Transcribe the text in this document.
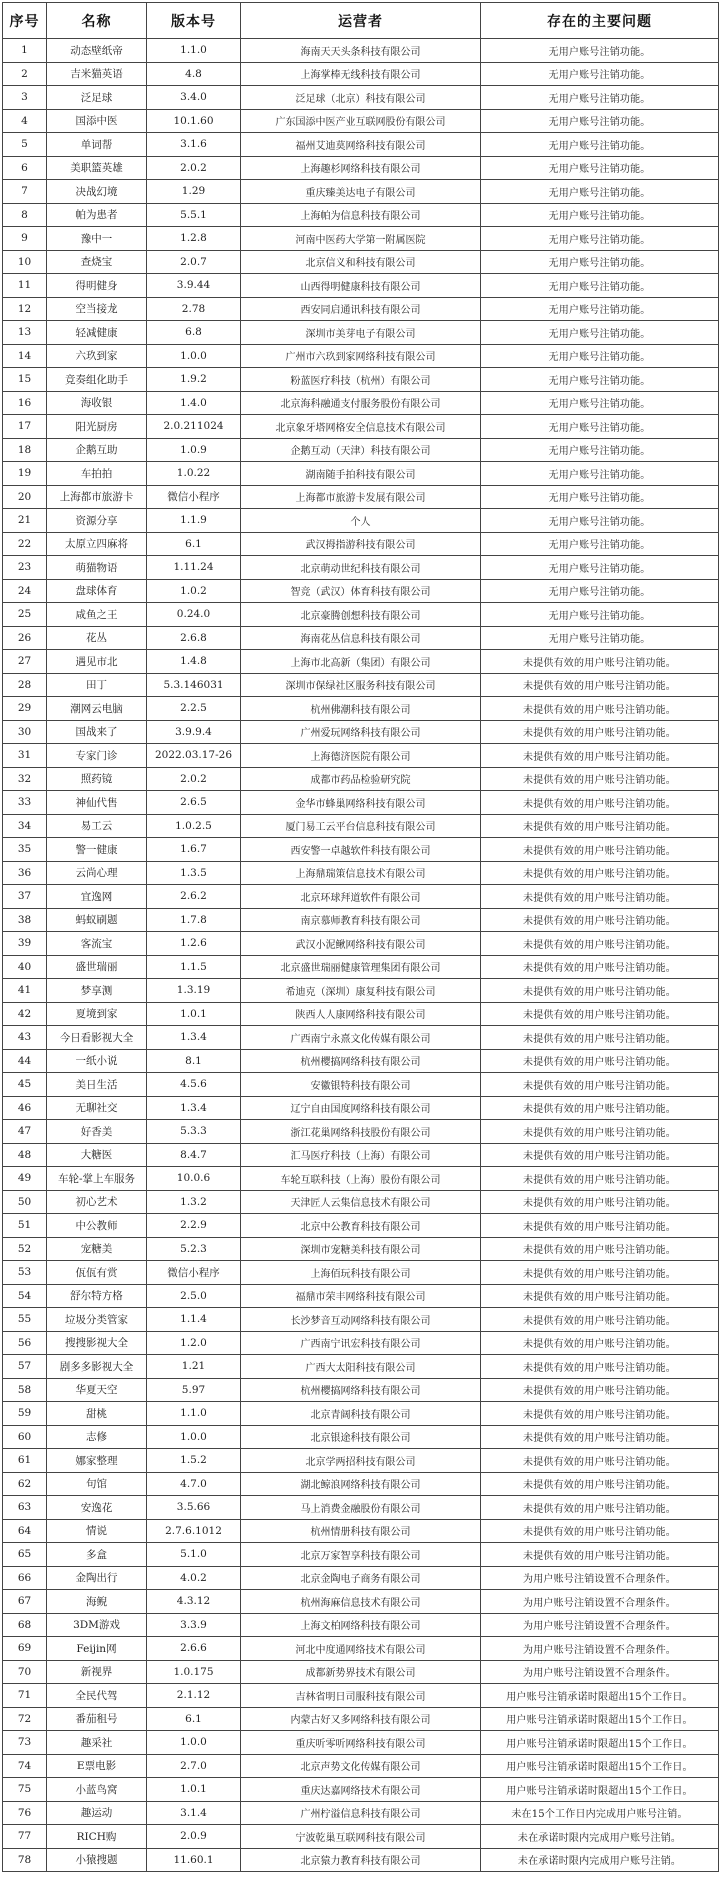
序号	名称	版本号	运营者	存在的主要问题
1	动态壁纸帝	1.1.0	海南天天头条科技有限公司	无用户账号注销功能。
2	吉米猫英语	4.8	上海掌棒无线科技有限公司	无用户账号注销功能。
3	泛足球	3.4.0	泛足球（北京）科技有限公司	无用户账号注销功能。
4	国添中医	10.1.60	广东国添中医产业互联网股份有限公司	无用户账号注销功能。
5	单词帮	3.1.6	福州艾迪莫网络科技有限公司	无用户账号注销功能。
6	美职篮英雄	2.0.2	上海趣杉网络科技有限公司	无用户账号注销功能。
7	决战幻境	1.29	重庆臻美达电子有限公司	无用户账号注销功能。
8	帕为患者	5.5.1	上海帕为信息科技有限公司	无用户账号注销功能。
9	豫中一	1.2.8	河南中医药大学第一附属医院	无用户账号注销功能。
10	查烧宝	2.0.7	北京信义和科技有限公司	无用户账号注销功能。
11	得明健身	3.9.44	山西得明健康科技有限公司	无用户账号注销功能。
12	空当接龙	2.78	西安同启通讯科技有限公司	无用户账号注销功能。
13	轻减健康	6.8	深圳市美芽电子有限公司	无用户账号注销功能。
14	六玖到家	1.0.0	广州市六玖到家网络科技有限公司	无用户账号注销功能。
15	竞奏组化助手	1.9.2	粉蓝医疗科技（杭州）有限公司	无用户账号注销功能。
16	海收银	1.4.0	北京海科融通支付服务股份有限公司	无用户账号注销功能。
17	阳光厨房	2.0.211024	北京象牙塔网格安全信息技术有限公司	无用户账号注销功能。
18	企鹅互助	1.0.9	企鹅互动（天津）科技有限公司	无用户账号注销功能。
19	车拍拍	1.0.22	湖南随手拍科技有限公司	无用户账号注销功能。
20	上海都市旅游卡	微信小程序	上海都市旅游卡发展有限公司	无用户账号注销功能。
21	资源分享	1.1.9	个人	无用户账号注销功能。
22	太原立四麻将	6.1	武汉拇指游科技有限公司	无用户账号注销功能。
23	萌猫物语	1.11.24	北京萌动世纪科技有限公司	无用户账号注销功能。
24	盘球体育	1.0.2	智竞（武汉）体育科技有限公司	无用户账号注销功能。
25	咸鱼之王	0.24.0	北京豪腾创想科技有限公司	无用户账号注销功能。
26	花丛	2.6.8	海南花丛信息科技有限公司	无用户账号注销功能。
27	遇见市北	1.4.8	上海市北高新（集团）有限公司	未提供有效的用户账号注销功能。
28	田丁	5.3.146031	深圳市保绿社区服务科技有限公司	未提供有效的用户账号注销功能。
29	潮网云电脑	2.2.5	杭州佛潮科技有限公司	未提供有效的用户账号注销功能。
30	国战来了	3.9.9.4	广州爱玩网络科技有限公司	未提供有效的用户账号注销功能。
31	专家门诊	2022.03.17-26	上海德济医院有限公司	未提供有效的用户账号注销功能。
32	照药镜	2.0.2	成都市药品检验研究院	未提供有效的用户账号注销功能。
33	神仙代售	2.6.5	金华市蜂巢网络科技有限公司	未提供有效的用户账号注销功能。
34	易工云	1.0.2.5	厦门易工云平台信息科技有限公司	未提供有效的用户账号注销功能。
35	警一健康	1.6.7	西安警一卓越软件科技有限公司	未提供有效的用户账号注销功能。
36	云尚心理	1.3.5	上海鼎瑞策信息技术有限公司	未提供有效的用户账号注销功能。
37	宜逸网	2.6.2	北京环球拜道软件有限公司	未提供有效的用户账号注销功能。
38	蚂蚁刷题	1.7.8	南京慕师教育科技有限公司	未提供有效的用户账号注销功能。
39	客流宝	1.2.6	武汉小泥鳅网络科技有限公司	未提供有效的用户账号注销功能。
40	盛世瑞丽	1.1.5	北京盛世瑞丽健康管理集团有限公司	未提供有效的用户账号注销功能。
41	梦享测	1.3.19	希迪克（深圳）康复科技有限公司	未提供有效的用户账号注销功能。
42	夏境到家	1.0.1	陕西人人康网络科技有限公司	未提供有效的用户账号注销功能。
43	今日看影视大全	1.3.4	广西南宁永熹文化传媒有限公司	未提供有效的用户账号注销功能。
44	一纸小说	8.1	杭州樱搞网络科技有限公司	未提供有效的用户账号注销功能。
45	美日生活	4.5.6	安徽银特科技有限公司	未提供有效的用户账号注销功能。
46	无聊社交	1.3.4	辽宁自由国度网络科技有限公司	未提供有效的用户账号注销功能。
47	好香美	5.3.3	浙江花巢网络科技股份有限公司	未提供有效的用户账号注销功能。
48	大糖医	8.4.7	汇马医疗科技（上海）有限公司	未提供有效的用户账号注销功能。
49	车轮-掌上车服务	10.0.6	车轮互联科技（上海）股份有限公司	未提供有效的用户账号注销功能。
50	初心艺术	1.3.2	天津匠人云集信息技术有限公司	未提供有效的用户账号注销功能。
51	中公教师	2.2.9	北京中公教育科技有限公司	未提供有效的用户账号注销功能。
52	宠糖美	5.2.3	深圳市宠糖美科技有限公司	未提供有效的用户账号注销功能。
53	佤佤有赏	微信小程序	上海佰玩科技有限公司	未提供有效的用户账号注销功能。
54	舒尔特方格	2.5.0	福鼎市荣丰网络科技有限公司	未提供有效的用户账号注销功能。
55	垃圾分类管家	1.1.4	长沙梦音互动网络科技有限公司	未提供有效的用户账号注销功能。
56	搜搜影视大全	1.2.0	广西南宁讯宏科技有限公司	未提供有效的用户账号注销功能。
57	剧多多影视大全	1.21	广西大太阳科技有限公司	未提供有效的用户账号注销功能。
58	华夏天空	5.97	杭州樱搞网络科技有限公司	未提供有效的用户账号注销功能。
59	甜桃	1.1.0	北京青阔科技有限公司	未提供有效的用户账号注销功能。
60	志修	1.0.0	北京银途科技有限公司	未提供有效的用户账号注销功能。
61	娜家整理	1.5.2	北京学两招科技有限公司	未提供有效的用户账号注销功能。
62	句馆	4.7.0	湖北鲸浪网络科技有限公司	未提供有效的用户账号注销功能。
63	安逸花	3.5.66	马上消费金融股份有限公司	未提供有效的用户账号注销功能。
64	情说	2.7.6.1012	杭州情册科技有限公司	未提供有效的用户账号注销功能。
65	多盒	5.1.0	北京万家智享科技有限公司	未提供有效的用户账号注销功能。
66	金陶出行	4.0.2	北京金陶电子商务有限公司	为用户账号注销设置不合理条件。
67	海鲵	4.3.12	杭州海麻信息技术有限公司	为用户账号注销设置不合理条件。
68	3DM游戏	3.3.9	上海文柏网络科技有限公司	为用户账号注销设置不合理条件。
69	Feijin网	2.6.6	河北中度通网络技术有限公司	为用户账号注销设置不合理条件。
70	新视界	1.0.175	成都新势界技术有限公司	为用户账号注销设置不合理条件。
71	全民代驾	2.1.12	吉林省明日司服科技有限公司	用户账号注销承诺时限超出15个工作日。
72	番茄租号	6.1	内蒙古好又多网络科技有限公司	用户账号注销承诺时限超出15个工作日。
73	趣采社	1.0.0	重庆听零听网络科技有限公司	用户账号注销承诺时限超出15个工作日。
74	E票电影	2.7.0	北京声势文化传媒有限公司	用户账号注销承诺时限超出15个工作日。
75	小蓝鸟窝	1.0.1	重庆达嘉网络技术有限公司	用户账号注销承诺时限超出15个工作日。
76	趣运动	3.1.4	广州柠溢信息科技有限公司	未在15个工作日内完成用户账号注销。
77	RICH购	2.0.9	宁波乾巢互联网科技有限公司	未在承诺时限内完成用户账号注销。
78	小猿搜题	11.60.1	北京猿力教育科技有限公司	未在承诺时限内完成用户账号注销。
